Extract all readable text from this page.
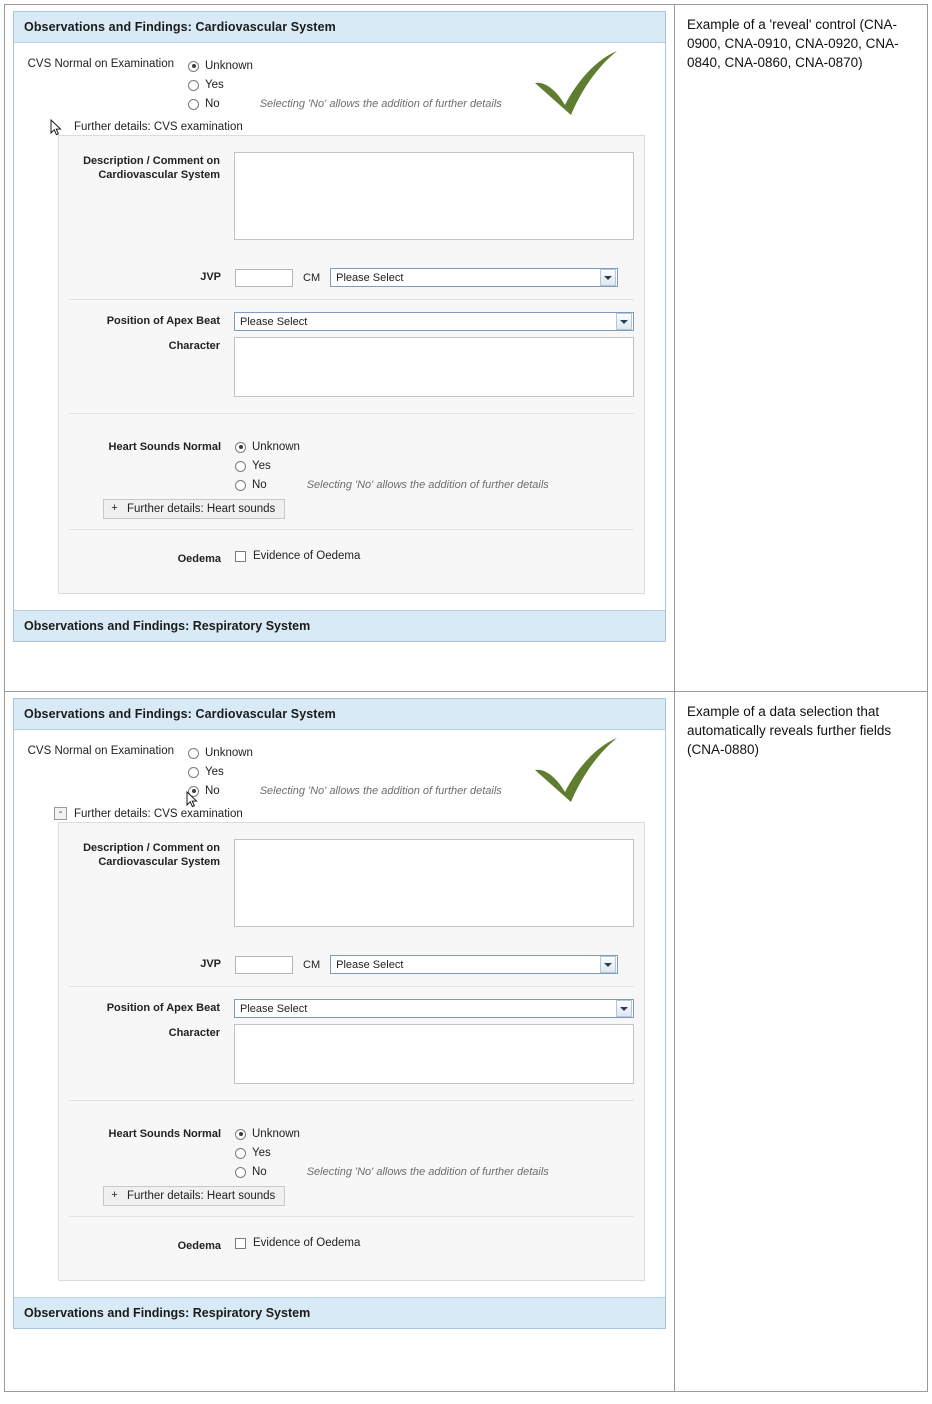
Observations and Findings: Cardiovascular System
CVS Normal on Examination	Unknown
Yes
No	Selecting 'No' allows the addition of further details
Further details: CVS examination
Description / Comment on
Cardiovascular System
JVP	CM Please Select
Position of Apex Beat Please Select
Character
Heart Sounds Normal	Unknown
Yes
No	Selecting 'No' allows the addition of further details
+ Further details: Heart sounds
Oedema	Evidence of Oedema
Observations and Findings: Respiratory System
Example of a 'reveal' control (CNA-0900, CNA-0910, CNA-0920, CNA-0840, CNA-0860, CNA-0870)
Observations and Findings: Cardiovascular System
CVS Normal on Examination	Unknown
Yes
No	Selecting 'No' allows the addition of further details
- Further details: CVS examination
Description / Comment on
Cardiovascular System
JVP	CM Please Select
Position of Apex Beat Please Select
Character
Heart Sounds Normal	Unknown
Yes
No	Selecting 'No' allows the addition of further details
+ Further details: Heart sounds
Oedema	Evidence of Oedema
Observations and Findings: Respiratory System
Example of a data selection that automatically reveals further fields (CNA-0880)
